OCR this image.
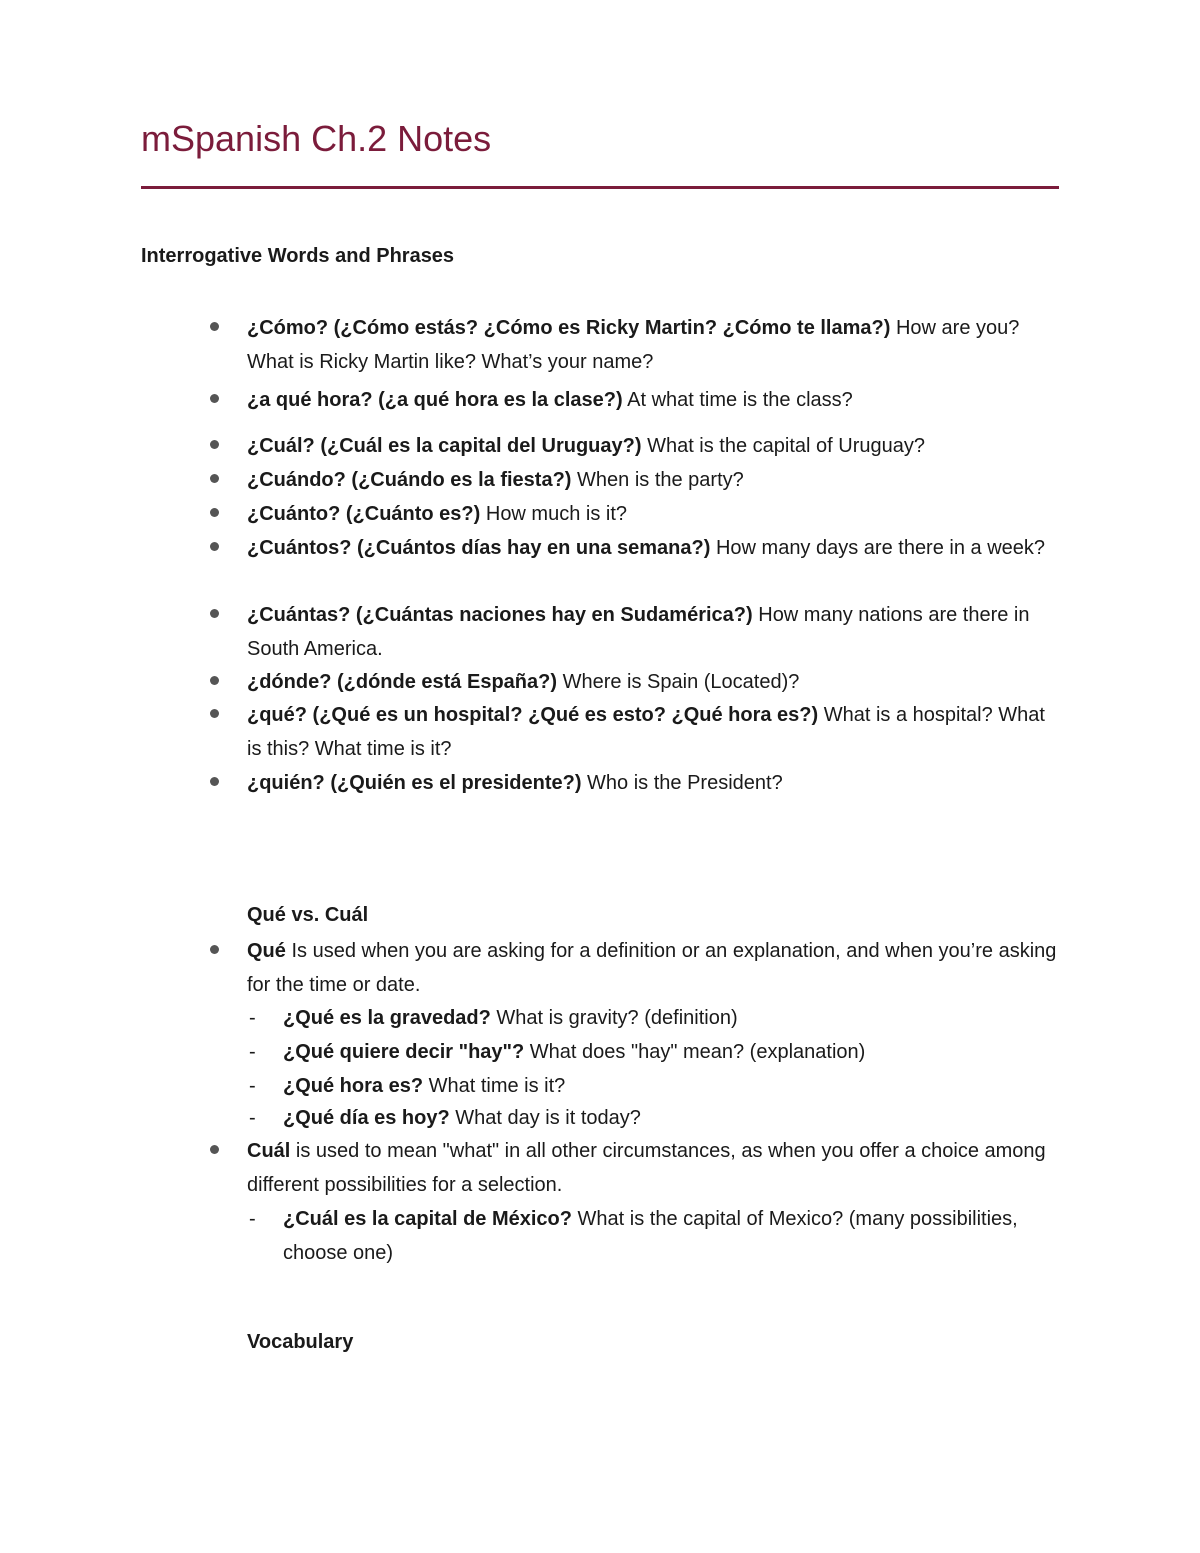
mSpanish Ch.2 Notes
Interrogative Words and Phrases
¿Cómo? (¿Cómo estás? ¿Cómo es Ricky Martin? ¿Cómo te llama?) How are you? What is Ricky Martin like? What’s your name?
¿a qué hora? (¿a qué hora es la clase?) At what time is the class?
¿Cuál? (¿Cuál es la capital del Uruguay?) What is the capital of Uruguay?
¿Cuándo? (¿Cuándo es la fiesta?) When is the party?
¿Cuánto? (¿Cuánto es?) How much is it?
¿Cuántos? (¿Cuántos días hay en una semana?) How many days are there in a week?
¿Cuántas? (¿Cuántas naciones hay en Sudamérica?) How many nations are there in South America.
¿dónde? (¿dónde está España?) Where is Spain (Located)?
¿qué? (¿Qué es un hospital? ¿Qué es esto? ¿Qué hora es?) What is a hospital? What is this? What time is it?
¿quién? (¿Quién es el presidente?) Who is the President?
Qué vs. Cuál
Qué Is used when you are asking for a definition or an explanation, and when you’re asking for the time or date.
Cuál is used to mean "what" in all other circumstances, as when you offer a choice among different possibilities for a selection.
- ¿Qué es la gravedad? What is gravity? (definition)
- ¿Qué quiere decir "hay"? What does "hay" mean? (explanation)
- ¿Qué hora es? What time is it?
- ¿Qué día es hoy? What day is it today?
- ¿Cuál es la capital de México? What is the capital of Mexico? (many possibilities, choose one)
Vocabulary
